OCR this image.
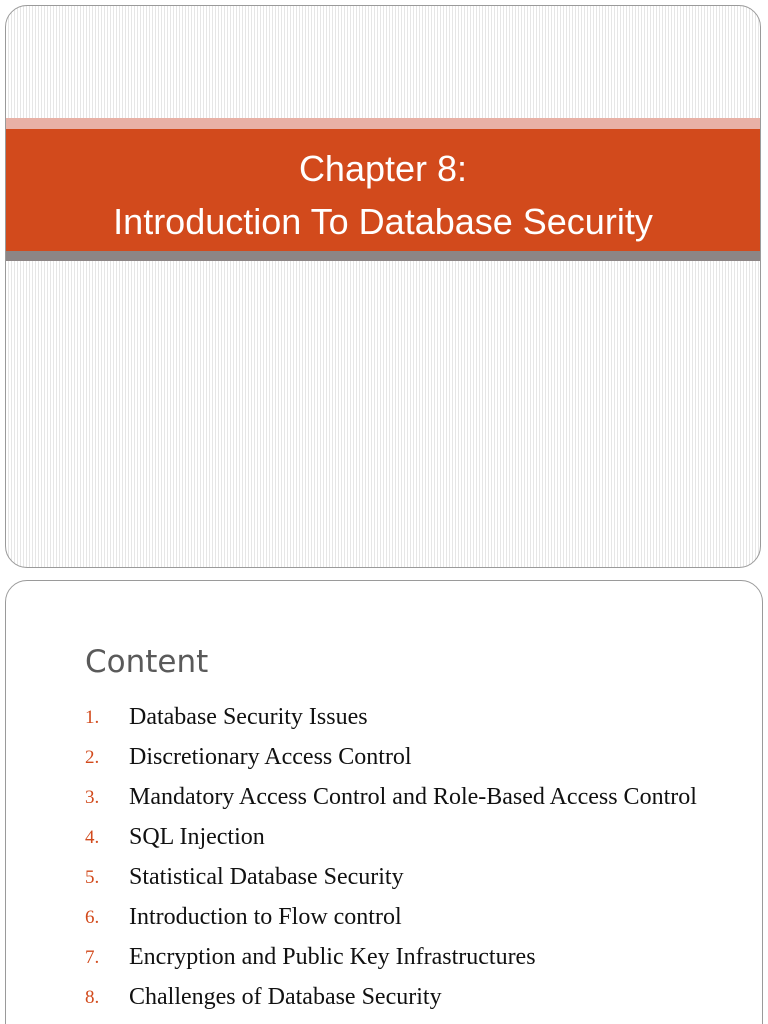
Chapter 8:
Introduction To Database Security
Content
1. Database Security Issues
2. Discretionary Access Control
3. Mandatory Access Control and Role-Based Access Control
4. SQL Injection
5. Statistical Database Security
6. Introduction to Flow control
7. Encryption and Public Key Infrastructures
8. Challenges of Database Security
